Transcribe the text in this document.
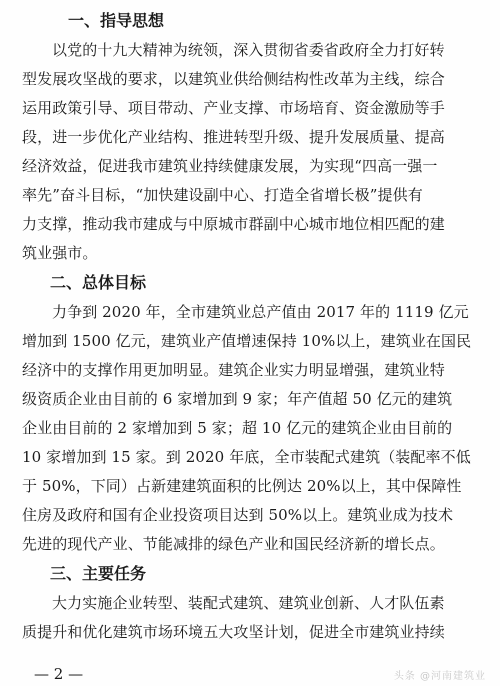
一、指导思想
以党的十九大精神为统领，深入贯彻省委省政府全力打好转
型发展攻坚战的要求，以建筑业供给侧结构性改革为主线，综合
运用政策引导、项目带动、产业支撑、市场培育、资金激励等手
段，进一步优化产业结构、推进转型升级、提升发展质量、提高
经济效益，促进我市建筑业持续健康发展，为实现“四高一强一
率先”奋斗目标，“加快建设副中心、打造全省增长极”提供有
力支撑，推动我市建成与中原城市群副中心城市地位相匹配的建
筑业强市。
二、总体目标
力争到 2020 年，全市建筑业总产值由 2017 年的 1119 亿元
增加到 1500 亿元，建筑业产值增速保持 10%以上，建筑业在国民
经济中的支撑作用更加明显。建筑企业实力明显增强，建筑业特
级资质企业由目前的 6 家增加到 9 家；年产值超 50 亿元的建筑
企业由目前的 2 家增加到 5 家；超 10 亿元的建筑企业由目前的
10 家增加到 15 家。到 2020 年底，全市装配式建筑（装配率不低
于 50%，下同）占新建建筑面积的比例达 20%以上，其中保障性
住房及政府和国有企业投资项目达到 50%以上。建筑业成为技术
先进的现代产业、节能减排的绿色产业和国民经济新的增长点。
三、主要任务
大力实施企业转型、装配式建筑、建筑业创新、人才队伍素
质提升和优化建筑市场环境五大攻坚计划，促进全市建筑业持续
— 2 —	头条 @河南建筑业
